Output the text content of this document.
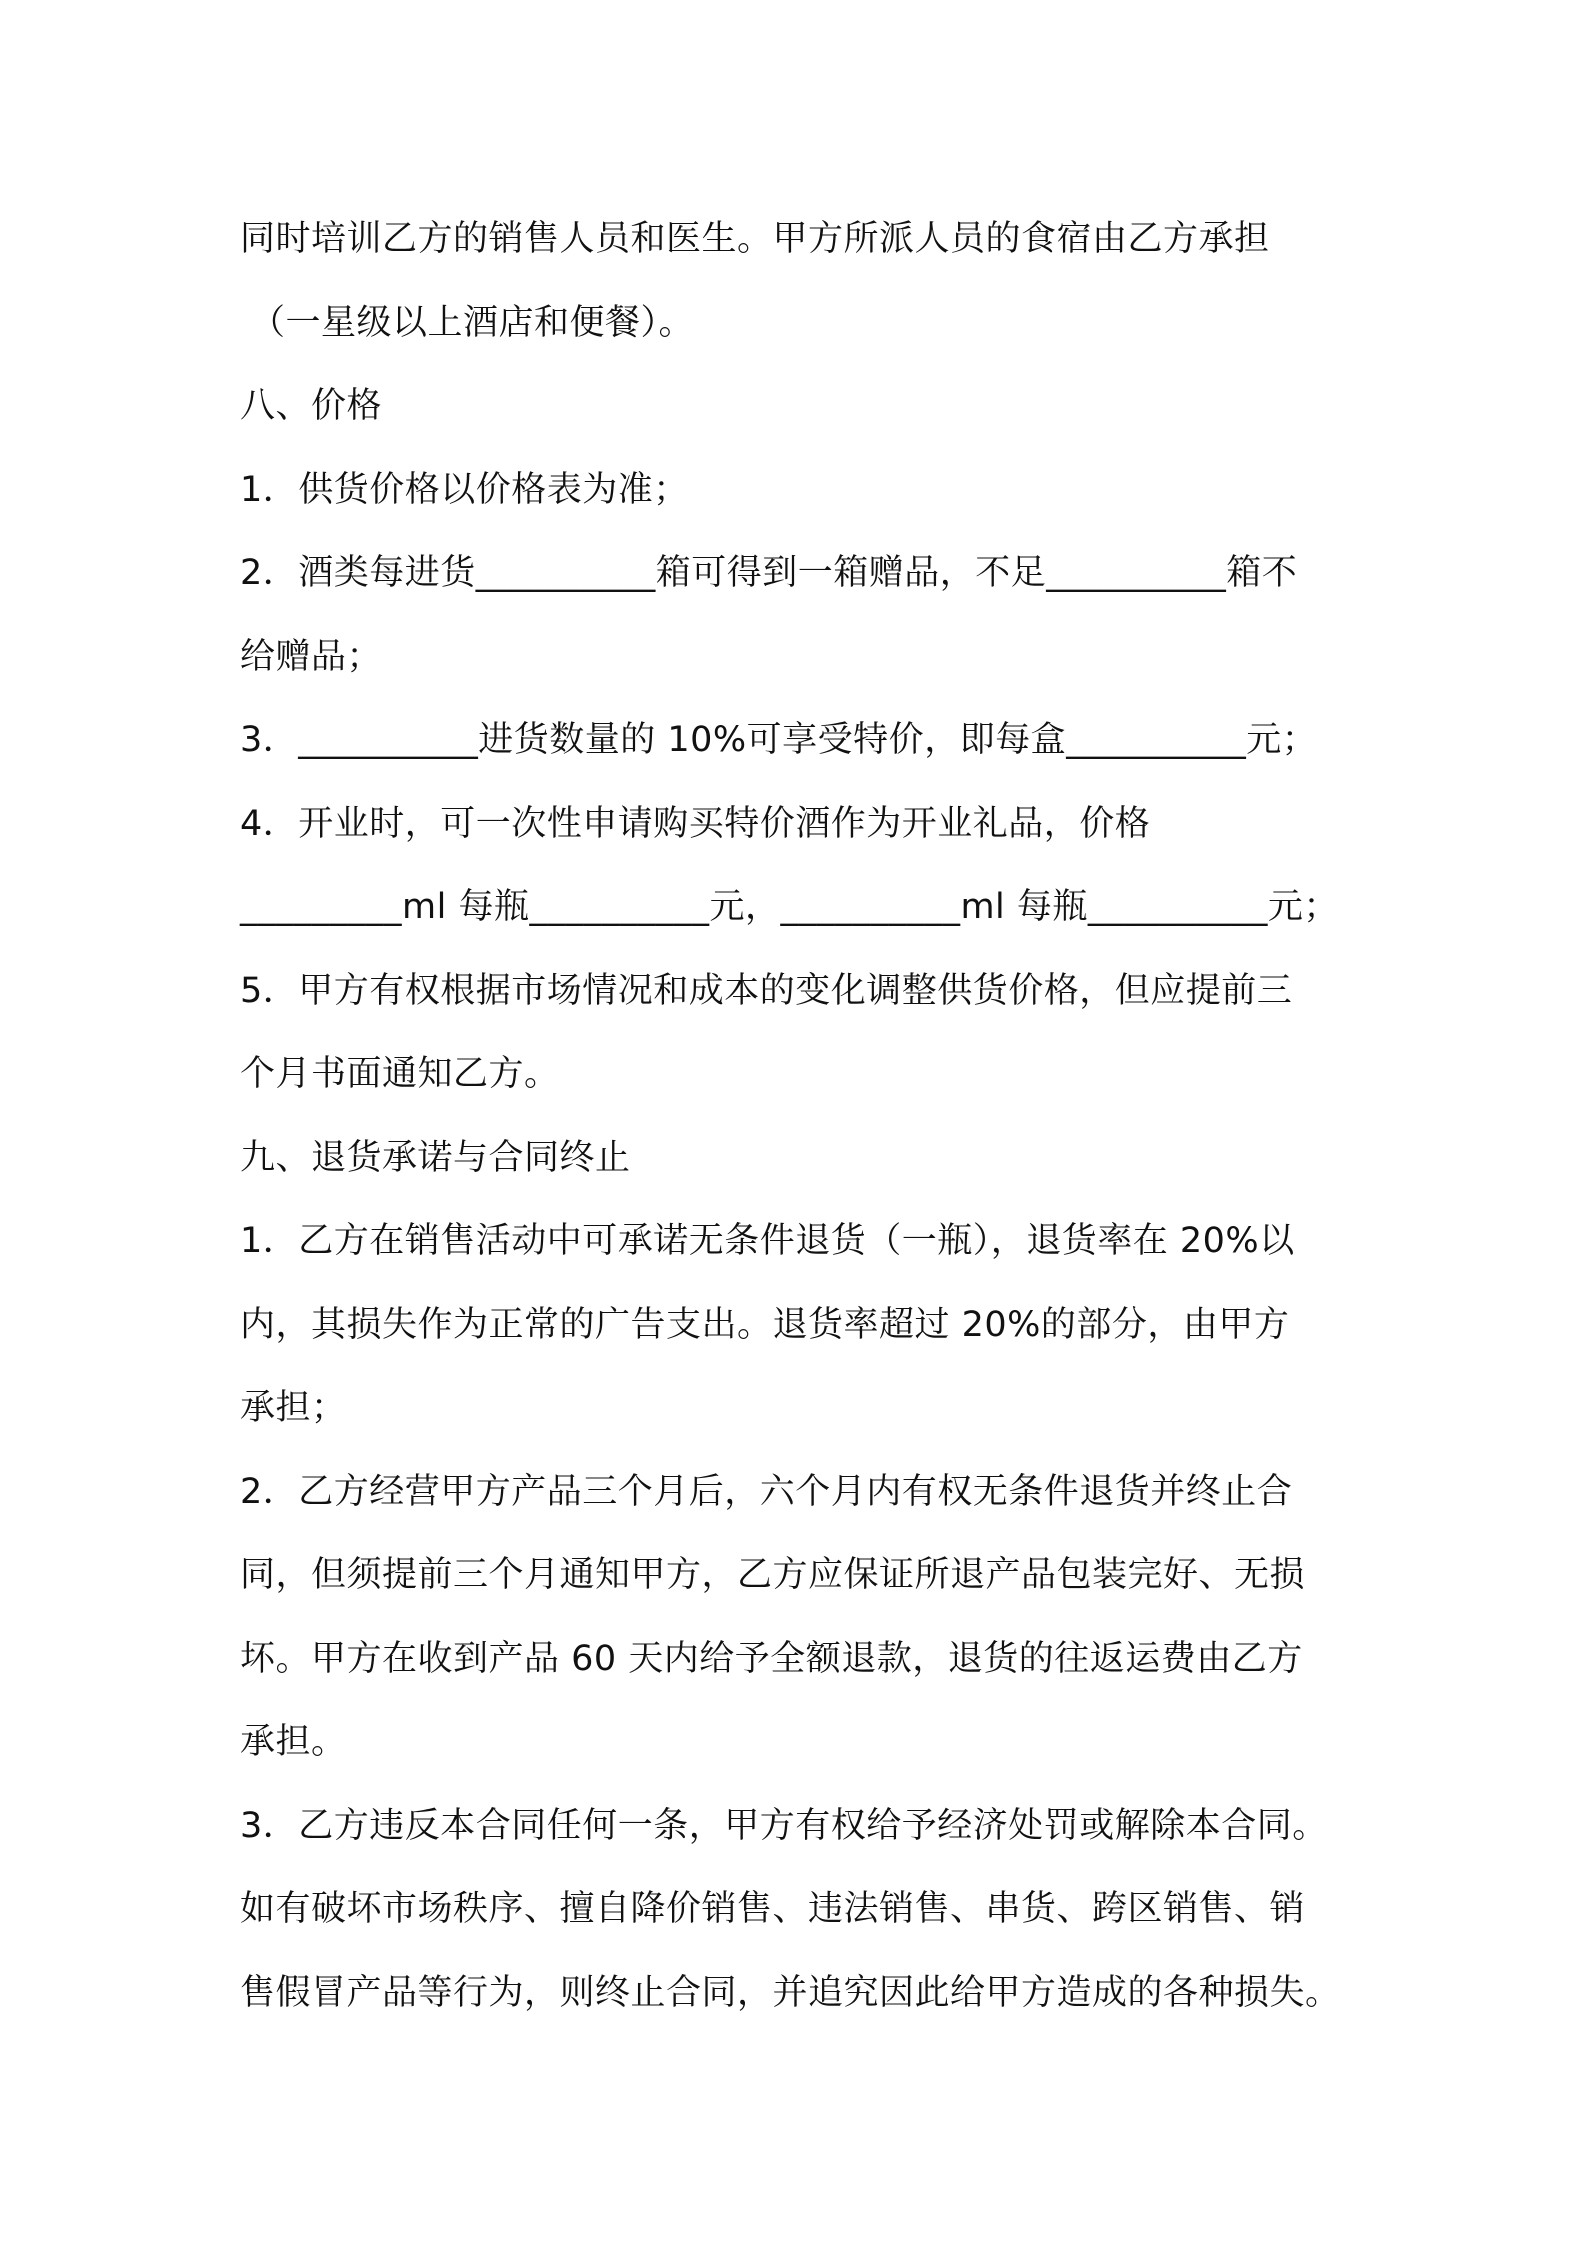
同时培训乙方的销售人员和医生。甲方所派人员的食宿由乙方承担
（一星级以上酒店和便餐）。
八、价格
1．供货价格以价格表为准；
2．酒类每进货__________箱可得到一箱赠品，不足__________箱不
给赠品；
3．__________进货数量的 10%可享受特价，即每盒__________元；
4．开业时，可一次性申请购买特价酒作为开业礼品，价格
_________ml 每瓶__________元，__________ml 每瓶__________元；
5．甲方有权根据市场情况和成本的变化调整供货价格，但应提前三
个月书面通知乙方。
九、退货承诺与合同终止
1．乙方在销售活动中可承诺无条件退货（一瓶），退货率在 20%以
内，其损失作为正常的广告支出。退货率超过 20%的部分，由甲方
承担；
2．乙方经营甲方产品三个月后，六个月内有权无条件退货并终止合
同，但须提前三个月通知甲方，乙方应保证所退产品包装完好、无损
坏。甲方在收到产品 60 天内给予全额退款，退货的往返运费由乙方
承担。
3．乙方违反本合同任何一条，甲方有权给予经济处罚或解除本合同。
如有破坏市场秩序、擅自降价销售、违法销售、串货、跨区销售、销
售假冒产品等行为，则终止合同，并追究因此给甲方造成的各种损失。
